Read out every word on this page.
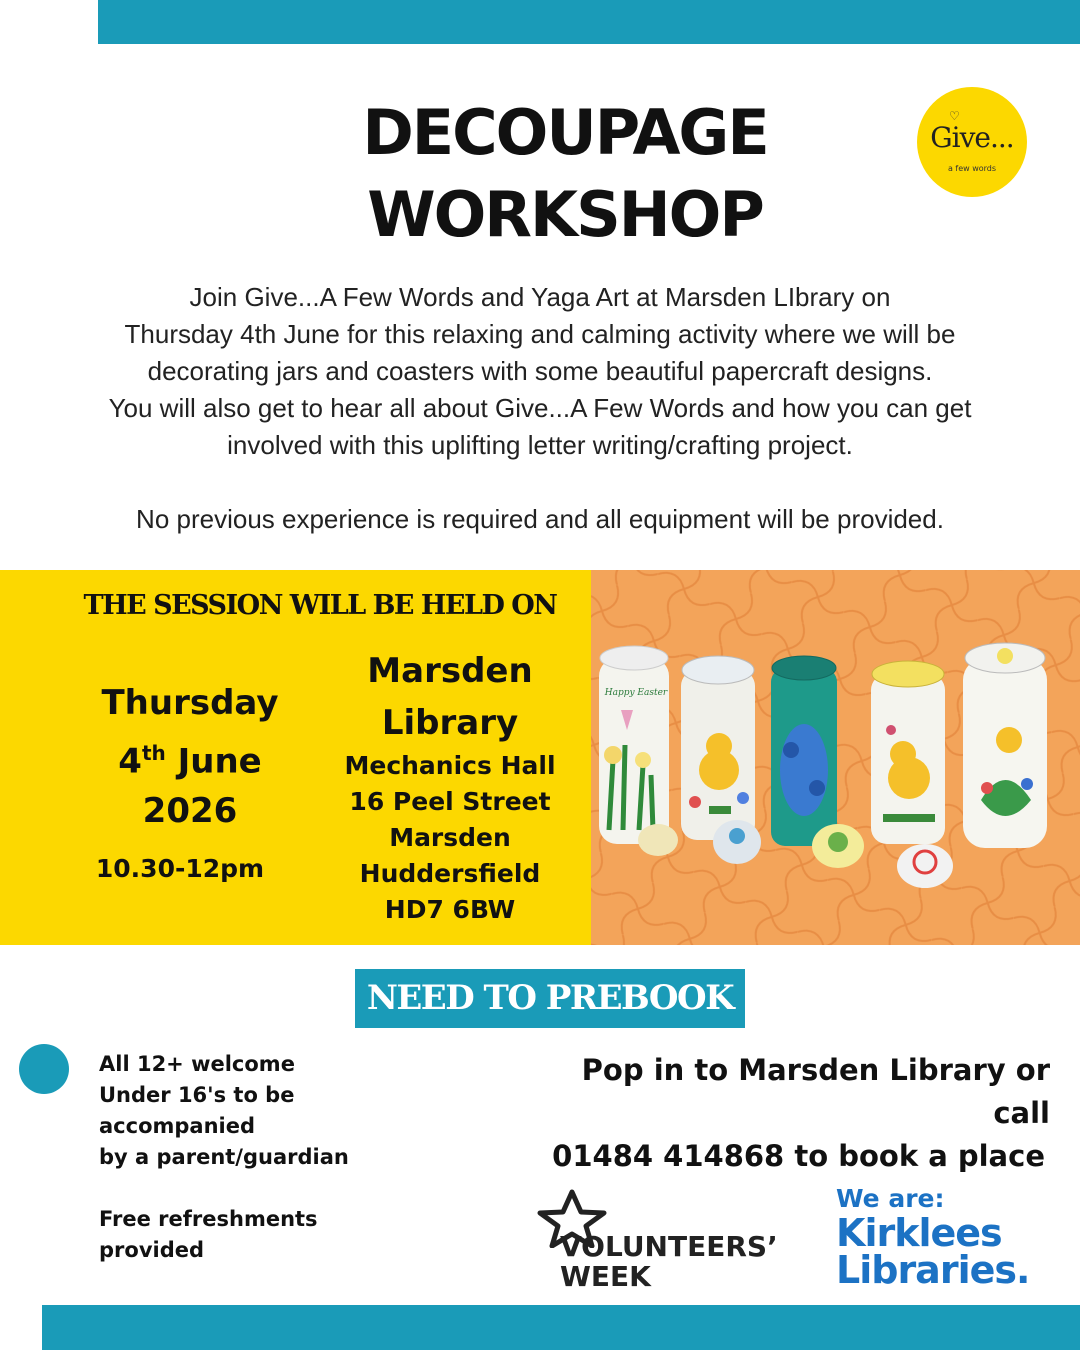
DECOUPAGE
WORKSHOP
♡
Give...
a few words

Join Give...A Few Words and Yaga Art at Marsden LIbrary on

Thursday 4th June for this relaxing and calming activity where we will be

decorating jars and coasters with some beautiful papercraft designs.

You will also get to hear all about Give...A Few Words and how you can get

involved with this uplifting letter writing/crafting project.

No previous experience is required and all equipment will be provided.

THE SESSION WILL BE HELD ON
Thursday
4th June
2026
10.30-12pm
Marsden
Library
Mechanics Hall
16 Peel Street
Marsden
Huddersfield
HD7 6BW
Happy Easter
NEED TO PREBOOK
All 12+ welcome
Under 16's to be
accompanied
by a parent/guardian
Free refreshments
provided
Pop in to Marsden Library or
call
01484 414868 to book a place
VOLUNTEERS’
WEEK
We are:
Kirklees
Libraries.
